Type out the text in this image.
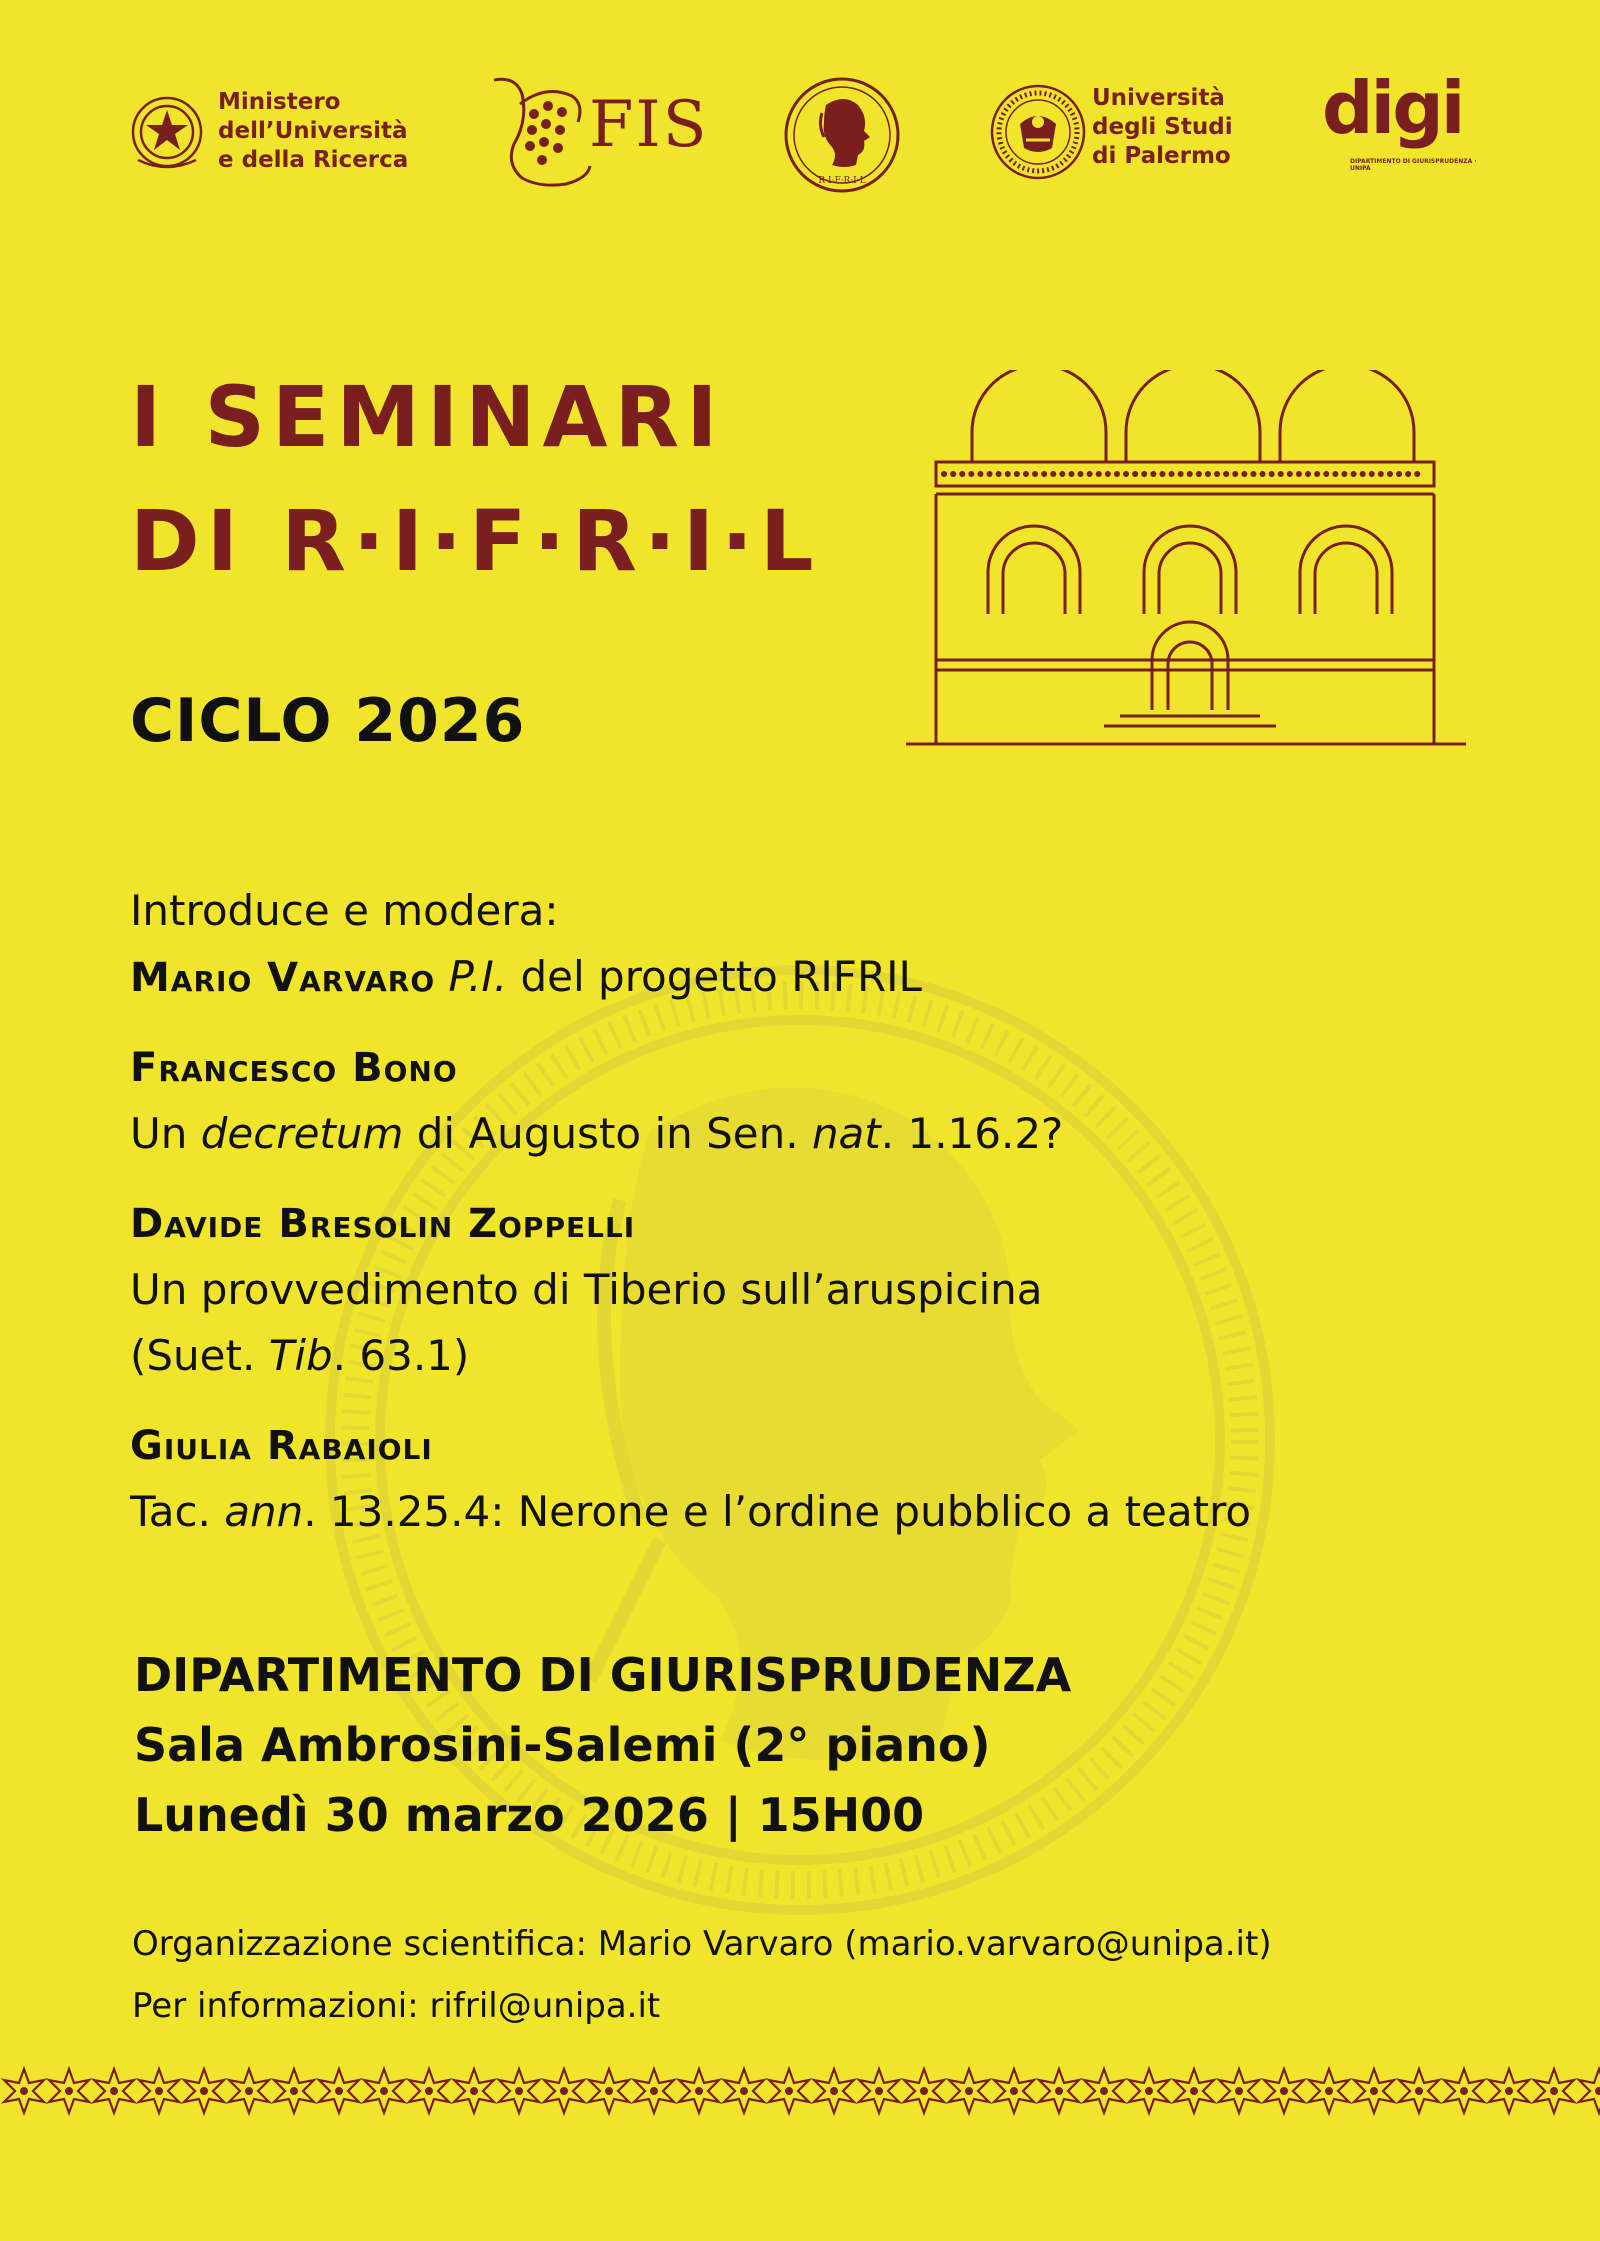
Ministero
dell’Università
e della Ricerca	FIS
R·I·F·R·I·L
Università
degli Studi
di Palermo
digi
DIPARTIMENTO DI GIURISPRUDENZA · UNIPA
I SEMINARI
DI R·I·F·R·I·L
CICLO 2026
Introduce e modera:
Mario Varvaro P.I. del progetto RIFRIL
Francesco Bono
Un decretum di Augusto in Sen. nat. 1.16.2?
Davide Bresolin Zoppelli
Un provvedimento di Tiberio sull’aruspicina
(Suet. Tib. 63.1)
Giulia Rabaioli
Tac. ann. 13.25.4: Nerone e l’ordine pubblico a teatro
DIPARTIMENTO DI GIURISPRUDENZA
Sala Ambrosini-Salemi (2° piano)
Lunedì 30 marzo 2026 | 15H00
Organizzazione scientifica: Mario Varvaro (mario.varvaro@unipa.it)
Per informazioni: rifril@unipa.it
